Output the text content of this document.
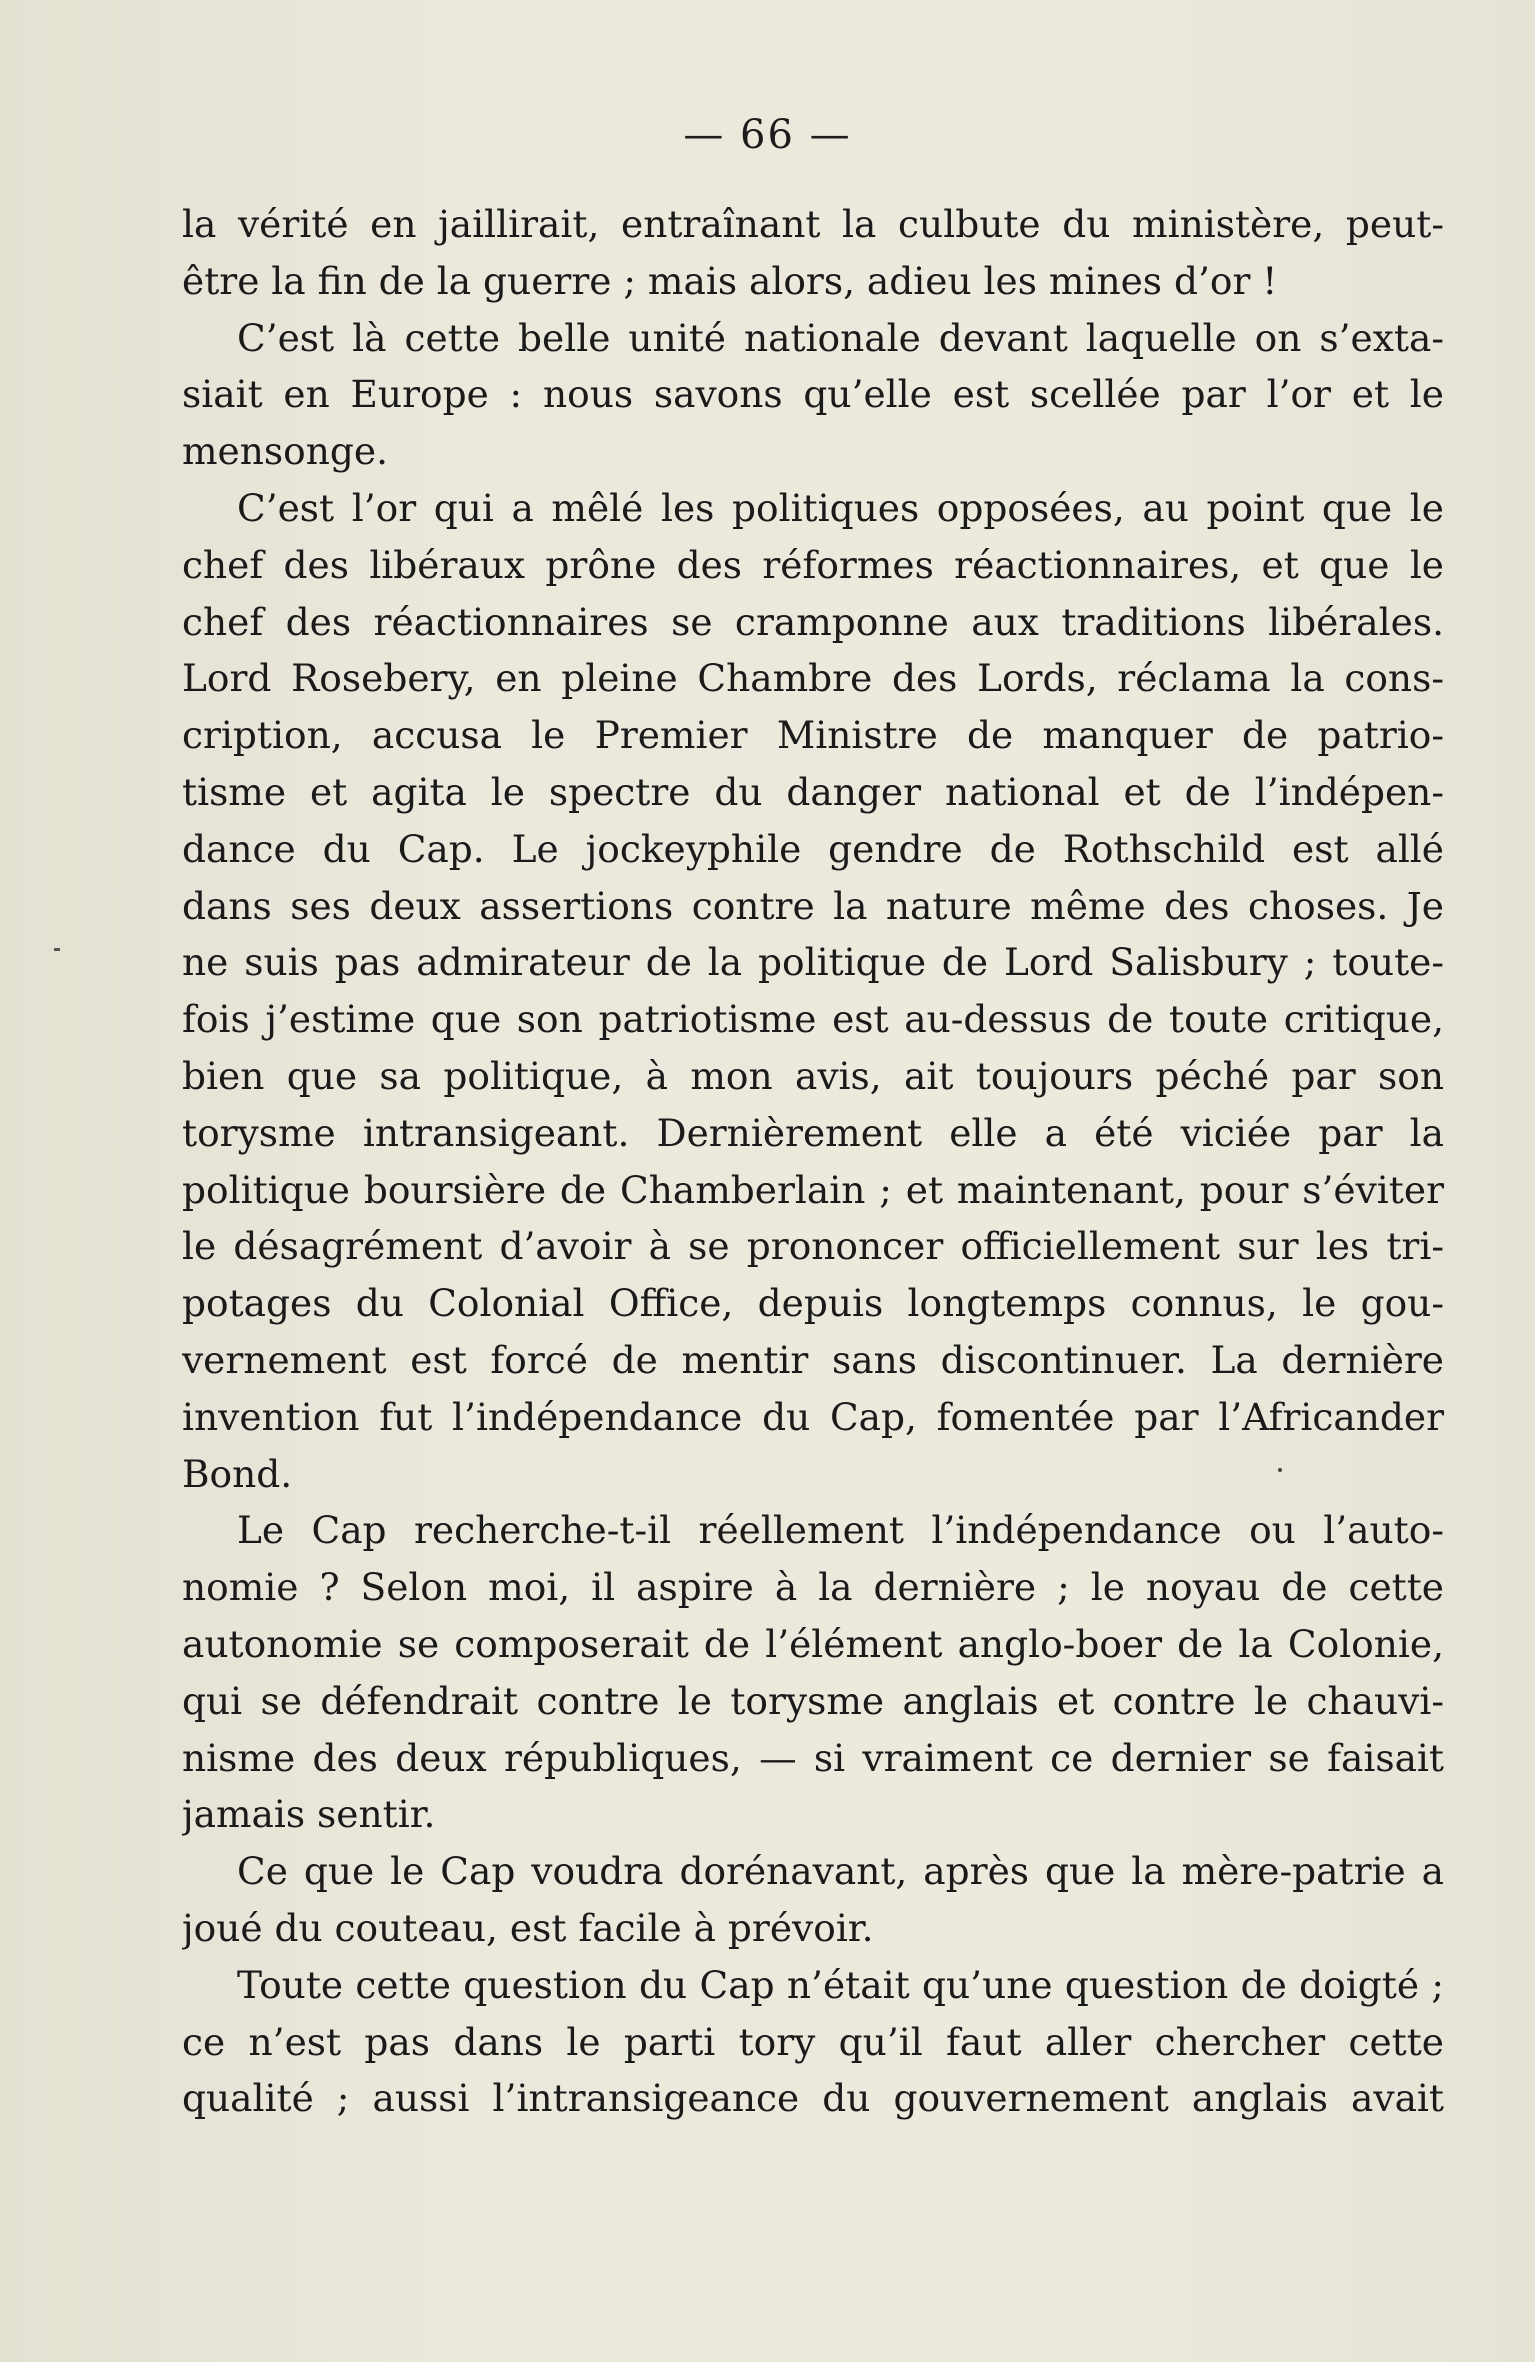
— 66 —
la vérité en jaillirait, entraînant la culbute du ministère, peut-
être la fin de la guerre ; mais alors, adieu les mines d’or !
C’est là cette belle unité nationale devant laquelle on s’exta-
siait en Europe : nous savons qu’elle est scellée par l’or et le
mensonge.
C’est l’or qui a mêlé les politiques opposées, au point que le
chef des libéraux prône des réformes réactionnaires, et que le
chef des réactionnaires se cramponne aux traditions libérales.
Lord Rosebery, en pleine Chambre des Lords, réclama la cons-
cription, accusa le Premier Ministre de manquer de patrio-
tisme et agita le spectre du danger national et de l’indépen-
dance du Cap. Le jockeyphile gendre de Rothschild est allé
dans ses deux assertions contre la nature même des choses. Je
ne suis pas admirateur de la politique de Lord Salisbury ; toute-
fois j’estime que son patriotisme est au-dessus de toute critique,
bien que sa politique, à mon avis, ait toujours péché par son
torysme intransigeant. Dernièrement elle a été viciée par la
politique boursière de Chamberlain ; et maintenant, pour s’éviter
le désagrément d’avoir à se prononcer officiellement sur les tri-
potages du Colonial Office, depuis longtemps connus, le gou-
vernement est forcé de mentir sans discontinuer. La dernière
invention fut l’indépendance du Cap, fomentée par l’Africander
Bond.
Le Cap recherche-t-il réellement l’indépendance ou l’auto-
nomie ? Selon moi, il aspire à la dernière ; le noyau de cette
autonomie se composerait de l’élément anglo-boer de la Colonie,
qui se défendrait contre le torysme anglais et contre le chauvi-
nisme des deux républiques, — si vraiment ce dernier se faisait
jamais sentir.
Ce que le Cap voudra dorénavant, après que la mère-patrie a
joué du couteau, est facile à prévoir.
Toute cette question du Cap n’était qu’une question de doigté ;
ce n’est pas dans le parti tory qu’il faut aller chercher cette
qualité ; aussi l’intransigeance du gouvernement anglais avait
